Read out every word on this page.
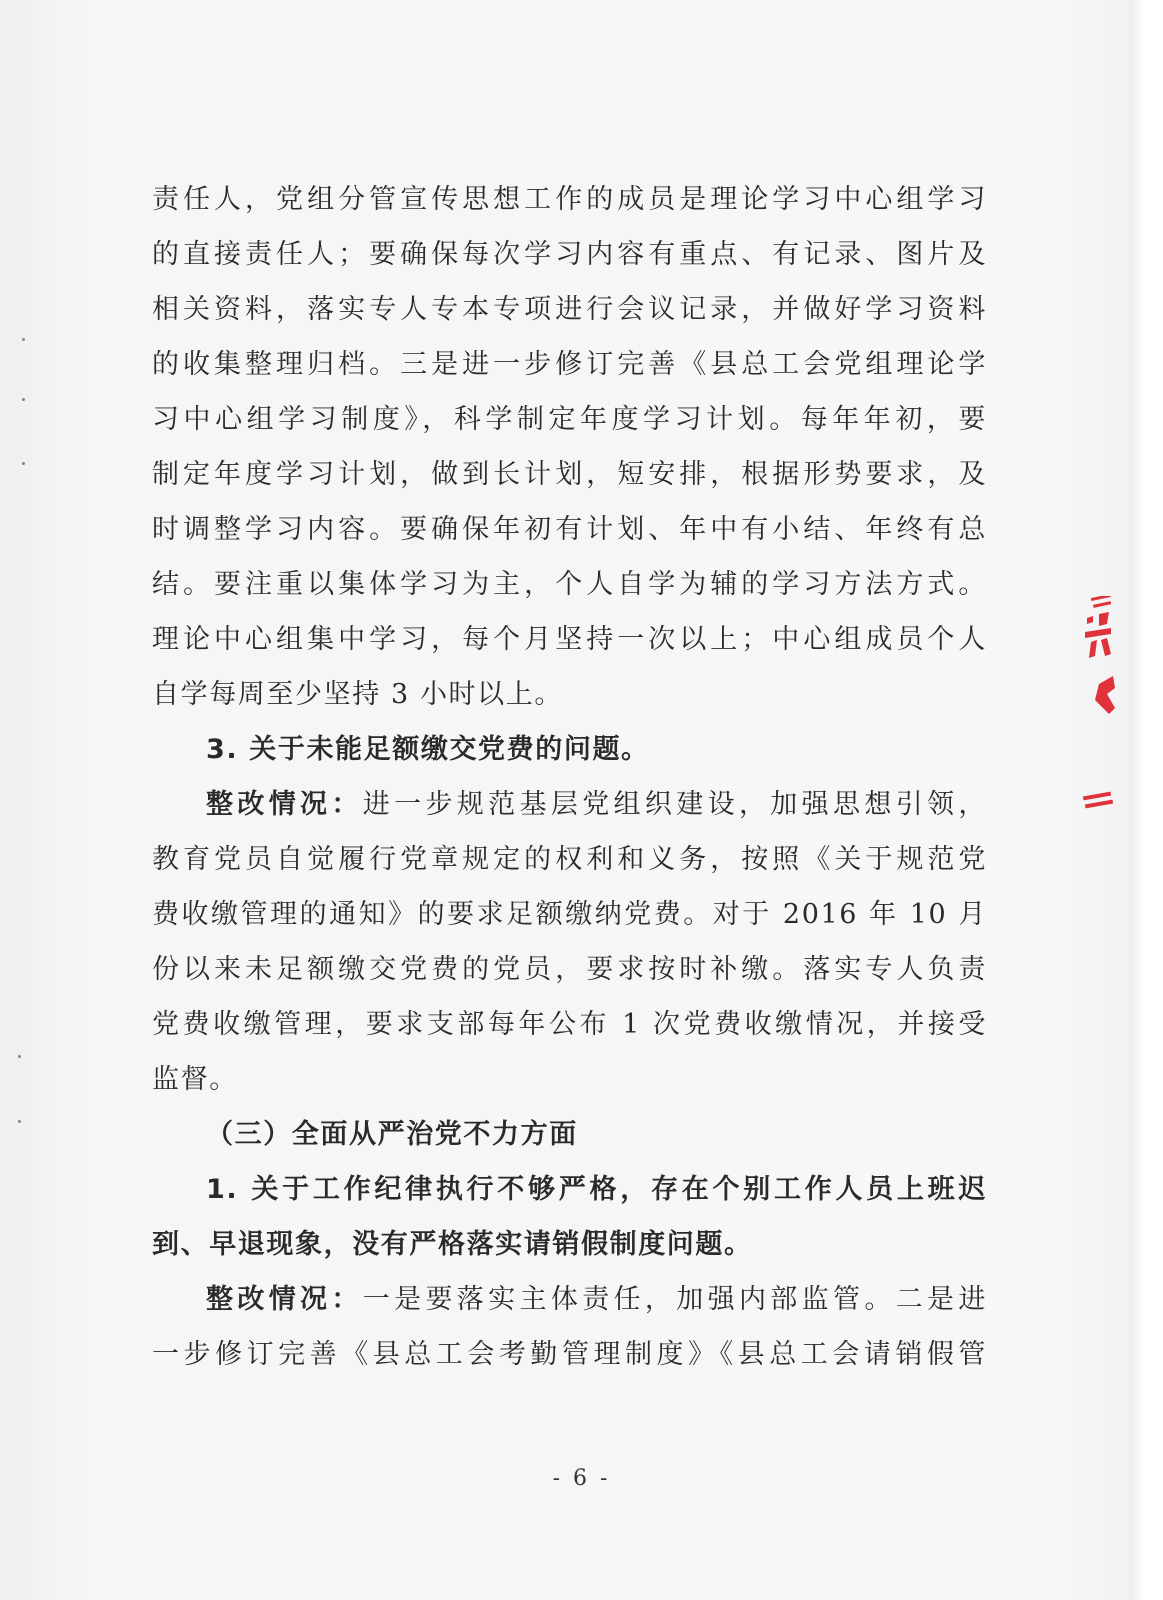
责任人，党组分管宣传思想工作的成员是理论学习中心组学习
的直接责任人；要确保每次学习内容有重点、有记录、图片及
相关资料，落实专人专本专项进行会议记录，并做好学习资料
的收集整理归档。三是进一步修订完善《县总工会党组理论学
习中心组学习制度》，科学制定年度学习计划。每年年初，要
制定年度学习计划，做到长计划，短安排，根据形势要求，及
时调整学习内容。要确保年初有计划、年中有小结、年终有总
结。要注重以集体学习为主，个人自学为辅的学习方法方式。
理论中心组集中学习，每个月坚持一次以上；中心组成员个人
自学每周至少坚持 3 小时以上。
3. 关于未能足额缴交党费的问题。
整改情况：进一步规范基层党组织建设，加强思想引领，
教育党员自觉履行党章规定的权利和义务，按照《关于规范党
费收缴管理的通知》的要求足额缴纳党费。对于 2016 年 10 月
份以来未足额缴交党费的党员，要求按时补缴。落实专人负责
党费收缴管理，要求支部每年公布 1 次党费收缴情况，并接受
监督。
（三）全面从严治党不力方面
1. 关于工作纪律执行不够严格，存在个别工作人员上班迟
到、早退现象，没有严格落实请销假制度问题。
整改情况：一是要落实主体责任，加强内部监管。二是进
一步修订完善《县总工会考勤管理制度》《县总工会请销假管
- 6 -
